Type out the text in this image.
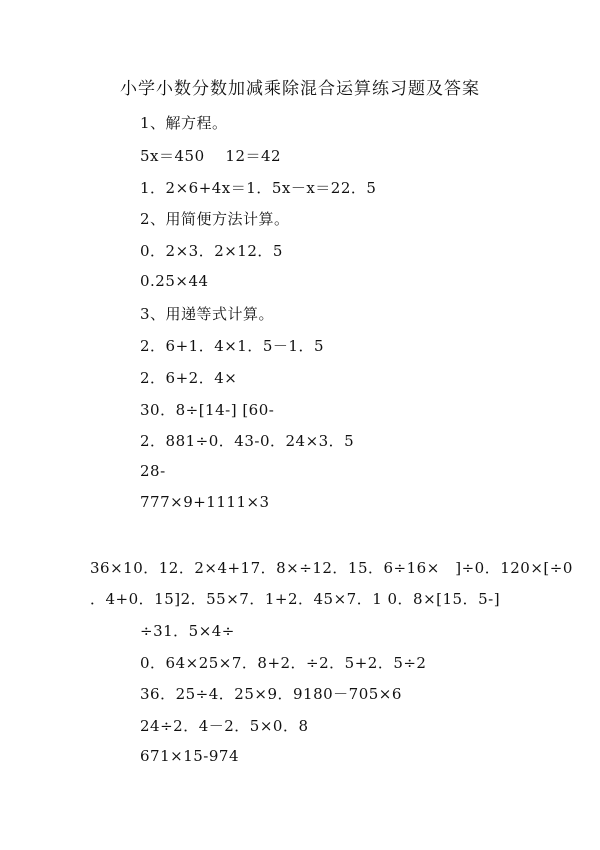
小学小数分数加减乘除混合运算练习题及答案
1、解方程。
5x＝450　 12＝42
1．2×6+4x＝1．5x－x＝22．5
2、用简便方法计算。
0．2×3．2×12．5
0.25×44
3、用递等式计算。
2．6+1．4×1．5－1．5
2．6+2．4×
30．8÷[14-] [60-
2．881÷0．43-0．24×3．5
28-
777×9+1111×3
36×10．12．2×4+17．8×÷12．15．6÷16×　]÷0．120×[÷0
．4+0．15]2．55×7．1+2．45×7．1 0．8×[15．5-]
÷31．5×4÷
0．64×25×7．8+2．÷2．5+2．5÷2
36．25÷4．25×9．9180－705×6
24÷2．4－2．5×0．8
671×15-974
